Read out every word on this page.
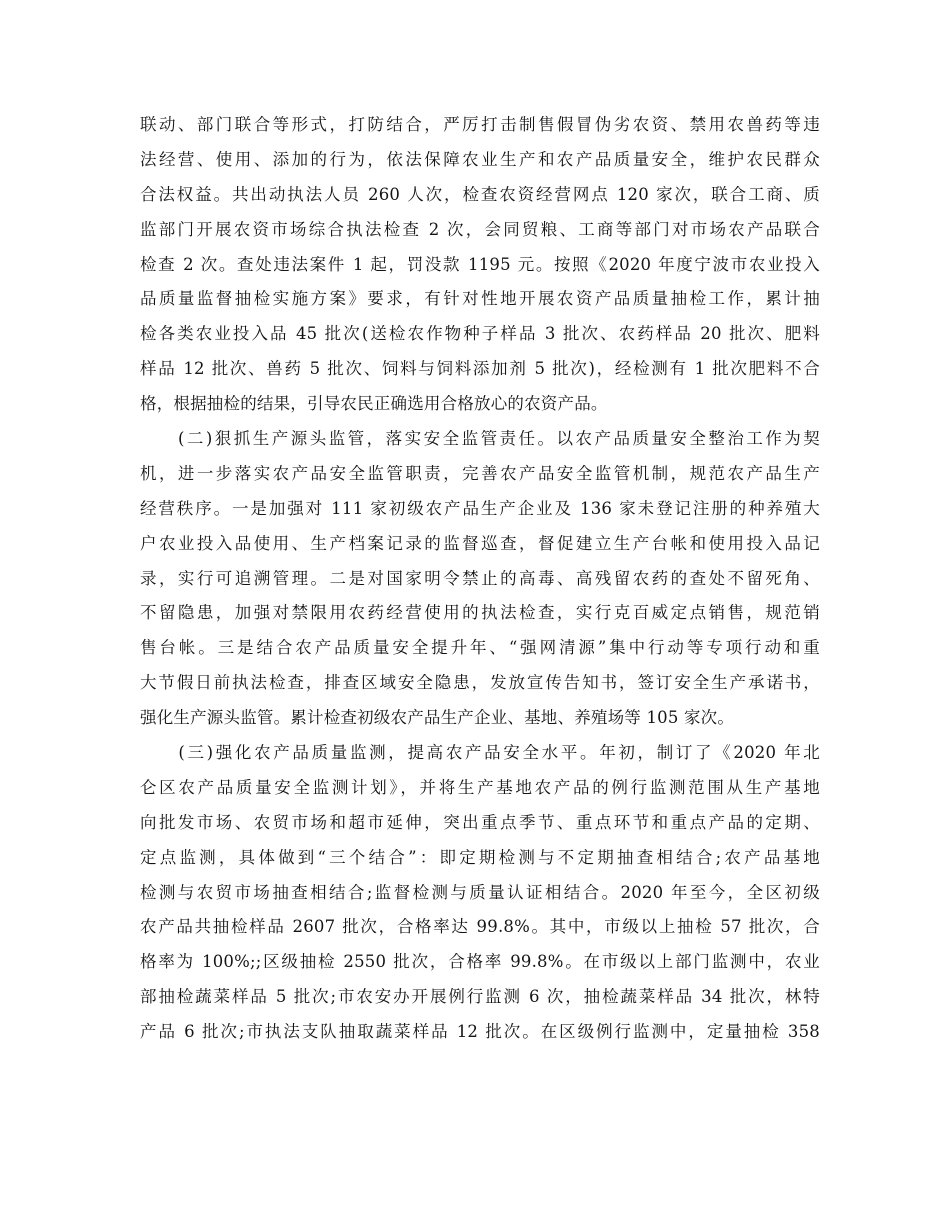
联动、部门联合等形式，打防结合，严厉打击制售假冒伪劣农资、禁用农兽药等违
法经营、使用、添加的行为，依法保障农业生产和农产品质量安全，维护农民群众
合法权益。共出动执法人员 260 人次，检查农资经营网点 120 家次，联合工商、质
监部门开展农资市场综合执法检查 2 次，会同贸粮、工商等部门对市场农产品联合
检查 2 次。查处违法案件 1 起，罚没款 1195 元。按照《2020 年度宁波市农业投入
品质量监督抽检实施方案》要求，有针对性地开展农资产品质量抽检工作，累计抽
检各类农业投入品 45 批次(送检农作物种子样品 3 批次、农药样品 20 批次、肥料
样品 12 批次、兽药 5 批次、饲料与饲料添加剂 5 批次)，经检测有 1 批次肥料不合
格，根据抽检的结果，引导农民正确选用合格放心的农资产品。
　　(二)狠抓生产源头监管，落实安全监管责任。以农产品质量安全整治工作为契
机，进一步落实农产品安全监管职责，完善农产品安全监管机制，规范农产品生产
经营秩序。一是加强对 111 家初级农产品生产企业及 136 家未登记注册的种养殖大
户农业投入品使用、生产档案记录的监督巡查，督促建立生产台帐和使用投入品记
录，实行可追溯管理。二是对国家明令禁止的高毒、高残留农药的查处不留死角、
不留隐患，加强对禁限用农药经营使用的执法检查，实行克百威定点销售，规范销
售台帐。三是结合农产品质量安全提升年、“强网清源”集中行动等专项行动和重
大节假日前执法检查，排查区域安全隐患，发放宣传告知书，签订安全生产承诺书，
强化生产源头监管。累计检查初级农产品生产企业、基地、养殖场等 105 家次。
　　(三)强化农产品质量监测，提高农产品安全水平。年初，制订了《2020 年北
仑区农产品质量安全监测计划》，并将生产基地农产品的例行监测范围从生产基地
向批发市场、农贸市场和超市延伸，突出重点季节、重点环节和重点产品的定期、
定点监测，具体做到“三个结合”：即定期检测与不定期抽查相结合;农产品基地
检测与农贸市场抽查相结合;监督检测与质量认证相结合。2020 年至今，全区初级
农产品共抽检样品 2607 批次，合格率达 99.8%。其中，市级以上抽检 57 批次，合
格率为 100%;;区级抽检 2550 批次，合格率 99.8%。在市级以上部门监测中，农业
部抽检蔬菜样品 5 批次;市农安办开展例行监测 6 次，抽检蔬菜样品 34 批次，林特
产品 6 批次;市执法支队抽取蔬菜样品 12 批次。在区级例行监测中，定量抽检 358
